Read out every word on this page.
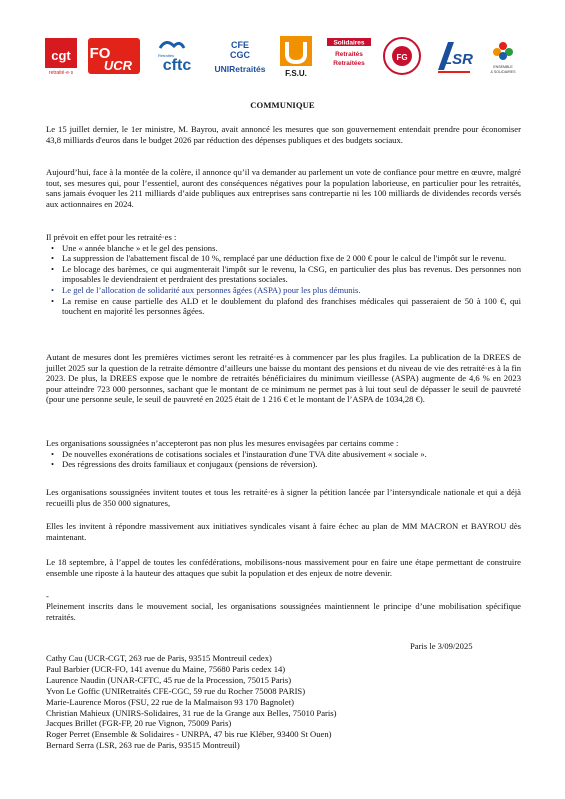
cgt
retraité·e·s
FO
UCR cftc
Retraités
CFE
CGC
UNIRetraités F.S.U.
Solidaires
Retraités
Retraitées
FG LSR	ENSEMBLE
& SOLIDAIRES
COMMUNIQUE

Le 15 juillet dernier, le 1er ministre, M. Bayrou, avait annoncé les mesures que son gouvernement entendait prendre pour économiser 43,8 milliards d'euros dans le budget 2026 par réduction des dépenses publiques et des budgets sociaux.

Aujourd’hui, face à la montée de la colère, il annonce qu’il va demander au parlement un vote de confiance pour mettre en œuvre, malgré tout, ses mesures qui, pour l’essentiel, auront des conséquences négatives pour la population laborieuse, en particulier pour les retraités, sans jamais évoquer les 211 milliards d’aide publiques aux entreprises sans contrepartie ni les 100 milliards de dividendes records versés aux actionnaires en 2024.

Il prévoit en effet pour les retraité·es :

• Une « année blanche » et le gel des pensions.
• La suppression de l'abattement fiscal de 10 %, remplacé par une déduction fixe de 2 000 € pour le calcul de l'impôt sur le revenu.
• Le blocage des barèmes, ce qui augmenterait l'impôt sur le revenu, la CSG, en particulier des plus bas revenus. Des personnes non imposables le deviendraient et perdraient des prestations sociales.
• Le gel de l’allocation de solidarité aux personnes âgées (ASPA) pour les plus démunis.
• La remise en cause partielle des ALD et le doublement du plafond des franchises médicales qui passeraient de 50 à 100 €, qui touchent en majorité les personnes âgées.

Autant de mesures dont les premières victimes seront les retraité·es à commencer par les plus fragiles. La publication de la DREES de juillet 2025 sur la question de la retraite démontre d’ailleurs une baisse du montant des pensions et du niveau de vie des retraité·es à la fin 2023. De plus, la DREES expose que le nombre de retraités bénéficiaires du minimum vieillesse (ASPA) augmente de 4,6 % en 2023 pour atteindre 723 000 personnes, sachant que le montant de ce minimum ne permet pas à lui tout seul de dépasser le seuil de pauvreté (pour une personne seule, le seuil de pauvreté en 2025 était de 1 216 € et le montant de l’ASPA de 1034,28 €).

Les organisations soussignées n’accepteront pas non plus les mesures envisagées par certains comme :

• De nouvelles exonérations de cotisations sociales et l'instauration d'une TVA dite abusivement « sociale ».
• Des régressions des droits familiaux et conjugaux (pensions de réversion).

Les organisations soussignées invitent toutes et tous les retraité·es à signer la pétition lancée par l’intersyndicale nationale et qui a déjà recueilli plus de 350 000 signatures,

Elles les invitent à répondre massivement aux initiatives syndicales visant à faire échec au plan de MM MACRON et BAYROU dès maintenant.

Le 18 septembre, à l’appel de toutes les confédérations, mobilisons-nous massivement pour en faire une étape permettant de construire ensemble une riposte à la hauteur des attaques que subit la population et des enjeux de notre devenir.

-

Pleinement inscrits dans le mouvement social, les organisations soussignées maintiennent le principe d’une mobilisation spécifique retraités.

Paris le 3/09/2025
Cathy Cau (UCR-CGT, 263 rue de Paris, 93515 Montreuil cedex)
Paul Barbier (UCR-FO, 141 avenue du Maine, 75680 Paris cedex 14)
Laurence Naudin (UNAR-CFTC, 45 rue de la Procession, 75015 Paris)
Yvon Le Goffic (UNIRetraités CFE-CGC, 59 rue du Rocher 75008 PARIS)
Marie-Laurence Moros (FSU, 22 rue de la Malmaison 93 170 Bagnolet)
Christian Mahieux (UNIRS-Solidaires, 31 rue de la Grange aux Belles, 75010 Paris)
Jacques Brillet (FGR-FP, 20 rue Vignon, 75009 Paris)
Roger Perret (Ensemble & Solidaires - UNRPA, 47 bis rue Kléber, 93400 St Ouen)
Bernard Serra (LSR, 263 rue de Paris, 93515 Montreuil)
